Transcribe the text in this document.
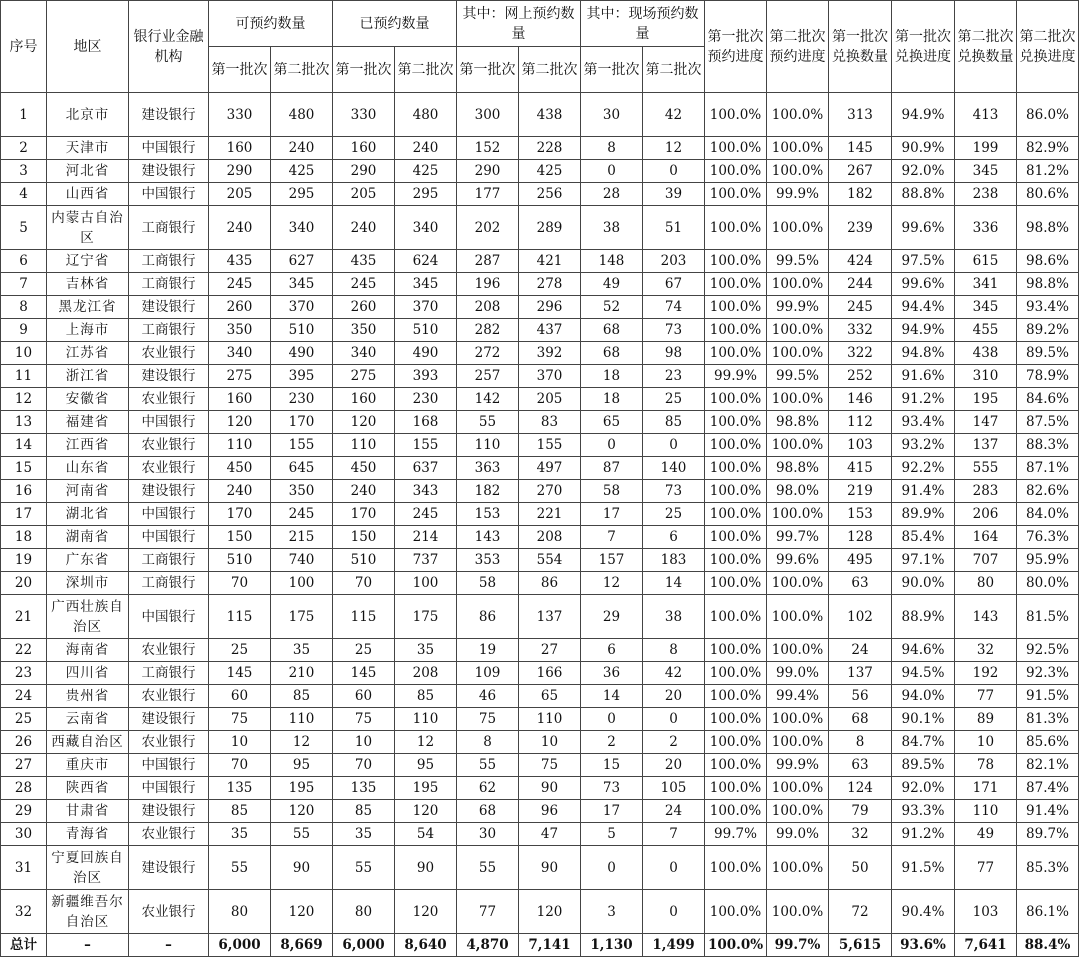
序号	地区	银行业金融机构	可预约数量		已预约数量		其中：网上预约数量		其中：现场预约数量		第一批次预约进度	第二批次预约进度	第一批次兑换数量	第一批次兑换进度	第二批次兑换数量	第二批次兑换进度
			第一批次	第二批次	第一批次	第二批次	第一批次	第二批次	第一批次	第二批次						
1	北京市	建设银行	330	480	330	480	300	438	30	42	100.0%	100.0%	313	94.9%	413	86.0%
2	天津市	中国银行	160	240	160	240	152	228	8	12	100.0%	100.0%	145	90.9%	199	82.9%
3	河北省	建设银行	290	425	290	425	290	425	0	0	100.0%	100.0%	267	92.0%	345	81.2%
4	山西省	中国银行	205	295	205	295	177	256	28	39	100.0%	99.9%	182	88.8%	238	80.6%
5	内蒙古自治区	工商银行	240	340	240	340	202	289	38	51	100.0%	100.0%	239	99.6%	336	98.8%
6	辽宁省	工商银行	435	627	435	624	287	421	148	203	100.0%	99.5%	424	97.5%	615	98.6%
7	吉林省	工商银行	245	345	245	345	196	278	49	67	100.0%	100.0%	244	99.6%	341	98.8%
8	黑龙江省	建设银行	260	370	260	370	208	296	52	74	100.0%	99.9%	245	94.4%	345	93.4%
9	上海市	工商银行	350	510	350	510	282	437	68	73	100.0%	100.0%	332	94.9%	455	89.2%
10	江苏省	农业银行	340	490	340	490	272	392	68	98	100.0%	100.0%	322	94.8%	438	89.5%
11	浙江省	建设银行	275	395	275	393	257	370	18	23	99.9%	99.5%	252	91.6%	310	78.9%
12	安徽省	农业银行	160	230	160	230	142	205	18	25	100.0%	100.0%	146	91.2%	195	84.6%
13	福建省	中国银行	120	170	120	168	55	83	65	85	100.0%	98.8%	112	93.4%	147	87.5%
14	江西省	农业银行	110	155	110	155	110	155	0	0	100.0%	100.0%	103	93.2%	137	88.3%
15	山东省	农业银行	450	645	450	637	363	497	87	140	100.0%	98.8%	415	92.2%	555	87.1%
16	河南省	建设银行	240	350	240	343	182	270	58	73	100.0%	98.0%	219	91.4%	283	82.6%
17	湖北省	中国银行	170	245	170	245	153	221	17	25	100.0%	100.0%	153	89.9%	206	84.0%
18	湖南省	中国银行	150	215	150	214	143	208	7	6	100.0%	99.7%	128	85.4%	164	76.3%
19	广东省	工商银行	510	740	510	737	353	554	157	183	100.0%	99.6%	495	97.1%	707	95.9%
20	深圳市	工商银行	70	100	70	100	58	86	12	14	100.0%	100.0%	63	90.0%	80	80.0%
21	广西壮族自治区	中国银行	115	175	115	175	86	137	29	38	100.0%	100.0%	102	88.9%	143	81.5%
22	海南省	农业银行	25	35	25	35	19	27	6	8	100.0%	100.0%	24	94.6%	32	92.5%
23	四川省	工商银行	145	210	145	208	109	166	36	42	100.0%	99.0%	137	94.5%	192	92.3%
24	贵州省	农业银行	60	85	60	85	46	65	14	20	100.0%	99.4%	56	94.0%	77	91.5%
25	云南省	建设银行	75	110	75	110	75	110	0	0	100.0%	100.0%	68	90.1%	89	81.3%
26	西藏自治区	农业银行	10	12	10	12	8	10	2	2	100.0%	100.0%	8	84.7%	10	85.6%
27	重庆市	中国银行	70	95	70	95	55	75	15	20	100.0%	99.9%	63	89.5%	78	82.1%
28	陕西省	中国银行	135	195	135	195	62	90	73	105	100.0%	100.0%	124	92.0%	171	87.4%
29	甘肃省	建设银行	85	120	85	120	68	96	17	24	100.0%	100.0%	79	93.3%	110	91.4%
30	青海省	农业银行	35	55	35	54	30	47	5	7	99.7%	99.0%	32	91.2%	49	89.7%
31	宁夏回族自治区	建设银行	55	90	55	90	55	90	0	0	100.0%	100.0%	50	91.5%	77	85.3%
32	新疆维吾尔自治区	农业银行	80	120	80	120	77	120	3	0	100.0%	100.0%	72	90.4%	103	86.1%
总计	–	–	6,000	8,669	6,000	8,640	4,870	7,141	1,130	1,499	100.0%	99.7%	5,615	93.6%	7,641	88.4%
